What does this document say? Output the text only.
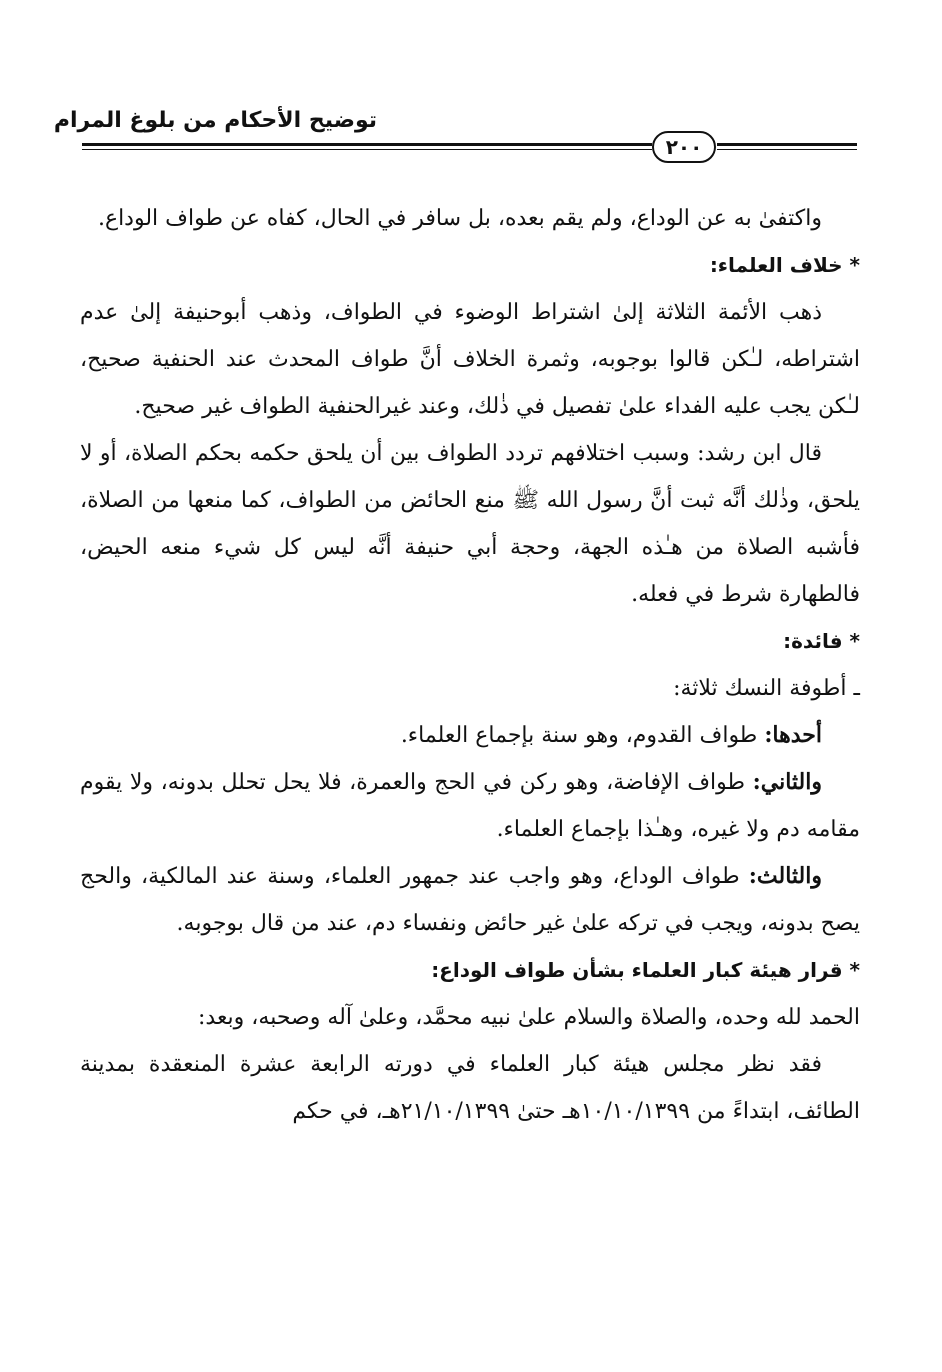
توضيح الأحكام من بلوغ المرام
٢٠٠

واكتفىٰ به عن الوداع، ولم يقم بعده، بل سافر في الحال، كفاه عن طواف الوداع.

* خلاف العلماء:

ذهب الأئمة الثلاثة إلىٰ اشتراط الوضوء في الطواف، وذهب أبوحنيفة إلىٰ عدم اشتراطه، لـٰكن قالوا بوجوبه، وثمرة الخلاف أنَّ طواف المحدث عند الحنفية صحيح، لـٰكن يجب عليه الفداء علىٰ تفصيل في ذٰلك، وعند غيرالحنفية الطواف غير صحيح.

قال ابن رشد: وسبب اختلافهم تردد الطواف بين أن يلحق حكمه بحكم الصلاة، أو لا يلحق، وذٰلك أنَّه ثبت أنَّ رسول الله ﷺ منع الحائض من الطواف، كما منعها من الصلاة، فأشبه الصلاة من هـٰذه الجهة، وحجة أبي حنيفة أنَّه ليس كل شيء منعه الحيض، فالطهارة شرط في فعله.

* فائدة:

ـ أطوفة النسك ثلاثة:

أحدها: طواف القدوم، وهو سنة بإجماع العلماء.

والثاني: طواف الإفاضة، وهو ركن في الحج والعمرة، فلا يحل تحلل بدونه، ولا يقوم مقامه دم ولا غيره، وهـٰذا بإجماع العلماء.

والثالث: طواف الوداع، وهو واجب عند جمهور العلماء، وسنة عند المالكية، والحج يصح بدونه، ويجب في تركه علىٰ غير حائض ونفساء دم، عند من قال بوجوبه.

* قرار هيئة كبار العلماء بشأن طواف الوداع:

الحمد لله وحده، والصلاة والسلام علىٰ نبيه محمَّد، وعلىٰ آله وصحبه، وبعد:

فقد نظر مجلس هيئة كبار العلماء في دورته الرابعة عشرة المنعقدة بمدينة الطائف، ابتداءً من ١٠/١٠/١٣٩٩هـ حتىٰ ٢١/١٠/١٣٩٩هـ، في حكم
